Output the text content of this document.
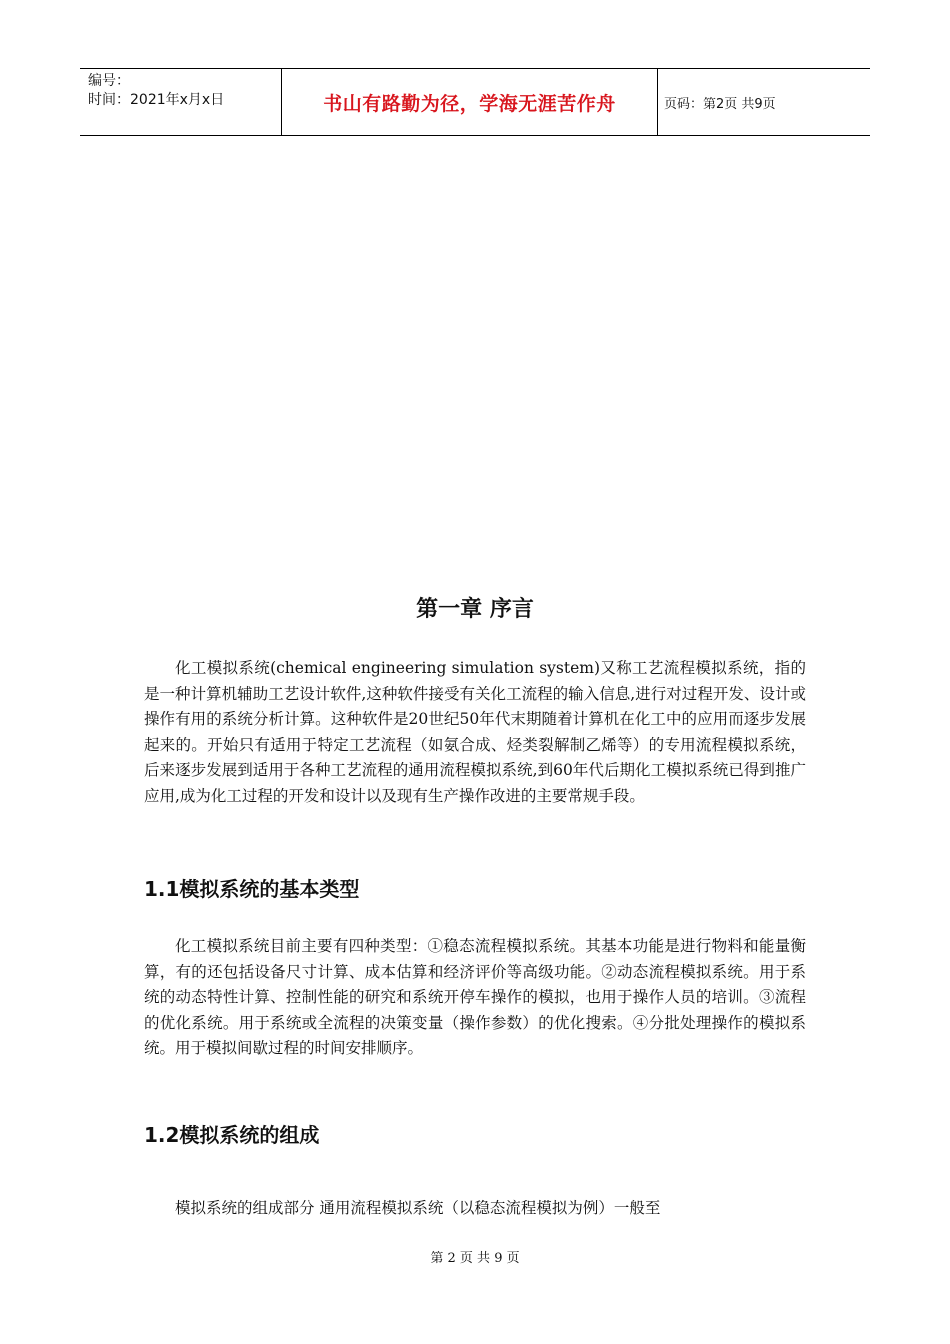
编号：
时间：2021年x月x日	书山有路勤为径，学海无涯苦作舟	页码：第2页 共9页
第一章 序言

化工模拟系统(chemical engineering simulation system)又称工艺流程模拟系统，指的是一种计算机辅助工艺设计软件,这种软件接受有关化工流程的输入信息,进行对过程开发、设计或操作有用的系统分析计算。这种软件是20世纪50年代末期随着计算机在化工中的应用而逐步发展起来的。开始只有适用于特定工艺流程（如氨合成、烃类裂解制乙烯等）的专用流程模拟系统，后来逐步发展到适用于各种工艺流程的通用流程模拟系统,到60年代后期化工模拟系统已得到推广应用,成为化工过程的开发和设计以及现有生产操作改进的主要常规手段。

1.1模拟系统的基本类型

化工模拟系统目前主要有四种类型：①稳态流程模拟系统。其基本功能是进行物料和能量衡算，有的还包括设备尺寸计算、成本估算和经济评价等高级功能。②动态流程模拟系统。用于系统的动态特性计算、控制性能的研究和系统开停车操作的模拟，也用于操作人员的培训。③流程的优化系统。用于系统或全流程的决策变量（操作参数）的优化搜索。④分批处理操作的模拟系统。用于模拟间歇过程的时间安排顺序。

1.2模拟系统的组成

模拟系统的组成部分 通用流程模拟系统（以稳态流程模拟为例）一般至

第 2 页 共 9 页
